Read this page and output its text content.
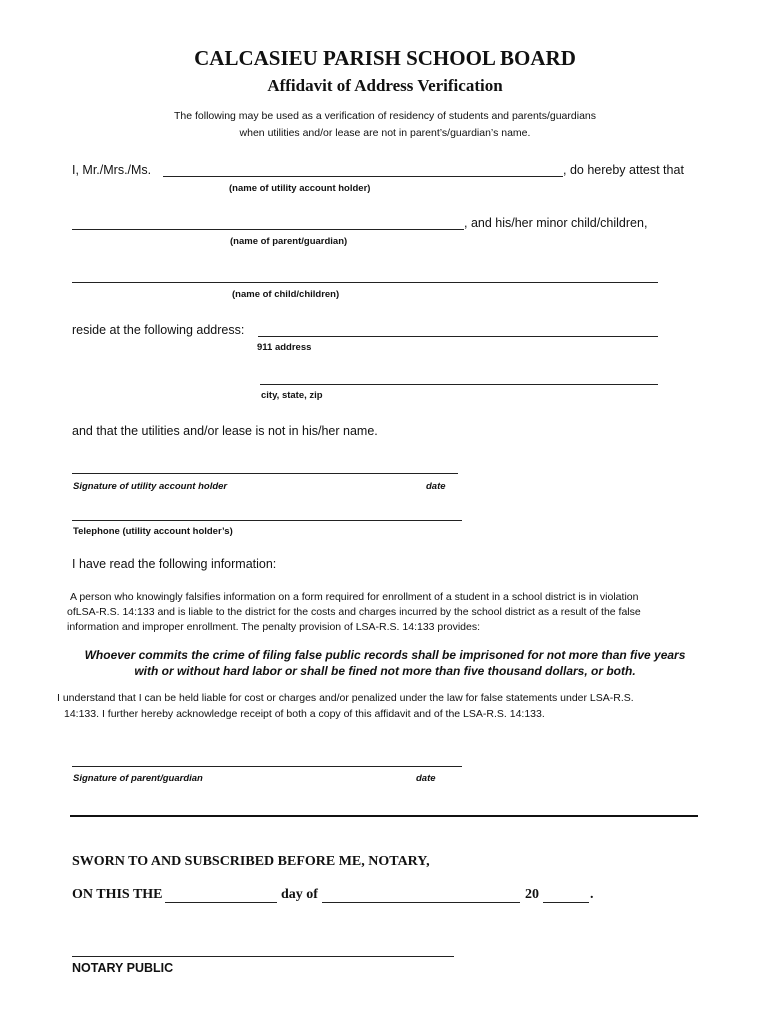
CALCASIEU PARISH SCHOOL BOARD
Affidavit of Address Verification
The following may be used as a verification of residency of students and parents/guardians
when utilities and/or lease are not in parent’s/guardian’s name.
I, Mr./Mrs./Ms.	, do hereby attest that
(name of utility account holder)
, and his/her minor child/children,
(name of parent/guardian)
(name of child/children)
reside at the following address:
911 address
city, state, zip
and that the utilities and/or lease is not in his/her name.
Signature of utility account holder	date
Telephone (utility account holder’s)
I have read the following information:
A person who knowingly falsifies information on a form required for enrollment of a student in a school district is in violation
ofLSA-R.S. 14:133 and is liable to the district for the costs and charges incurred by the school district as a result of the false
information and improper enrollment. The penalty provision of LSA-R.S. 14:133 provides:
Whoever commits the crime of filing false public records shall be imprisoned for not more than five years
with or without hard labor or shall be fined not more than five thousand dollars, or both.
I understand that I can be held liable for cost or charges and/or penalized under the law for false statements under LSA-R.S.
14:133. I further hereby acknowledge receipt of both a copy of this affidavit and of the LSA-R.S. 14:133.
Signature of parent/guardian	date
SWORN TO AND SUBSCRIBED BEFORE ME, NOTARY,
ON THIS THE	day of	20	.
NOTARY PUBLIC
